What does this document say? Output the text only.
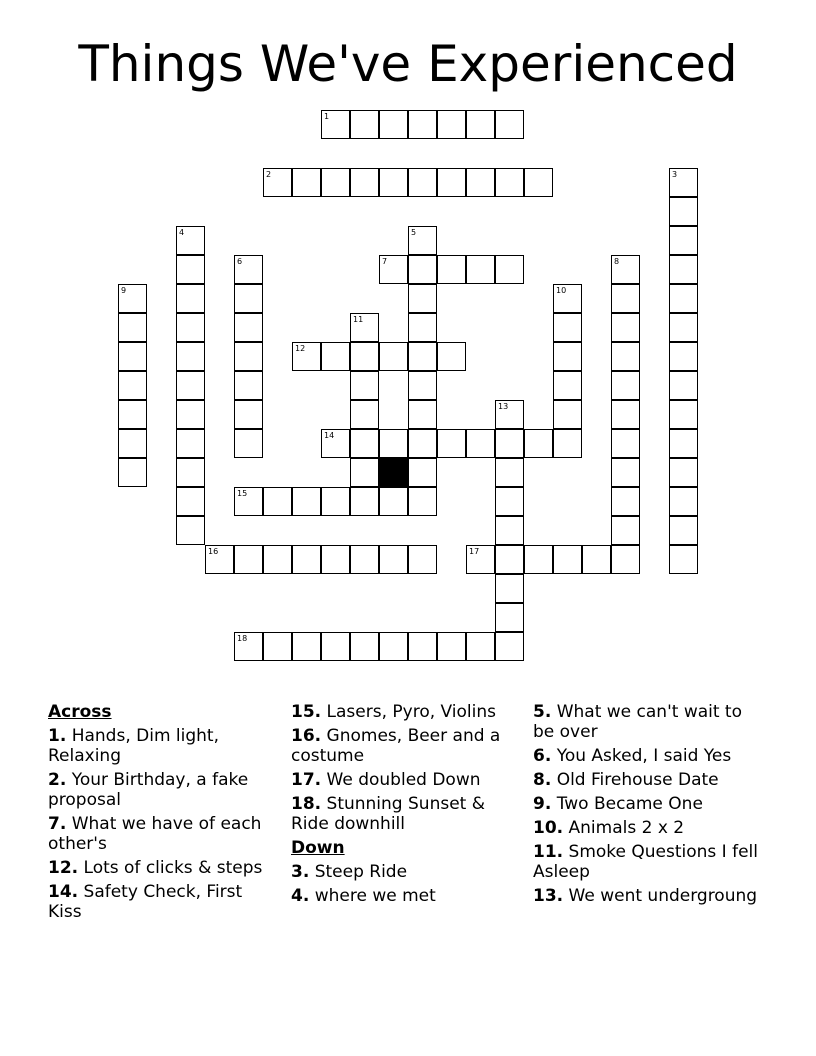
Things We've Experienced
1
2
7
12
14
15
16	17
18
3
4	5
6	8
9	10
11
13
Across
1. Hands, Dim light, Relaxing
2. Your Birthday, a fake proposal
7. What we have of each other's
12. Lots of clicks & steps
14. Safety Check, First Kiss
15. Lasers, Pyro, Violins
16. Gnomes, Beer and a costume
17. We doubled Down
18. Stunning Sunset & Ride downhill
Down
3. Steep Ride
4. where we met
5. What we can't wait to be over
6. You Asked, I said Yes
8. Old Firehouse Date
9. Two Became One
10. Animals 2 x 2
11. Smoke Questions I fell Asleep
13. We went undergroung
